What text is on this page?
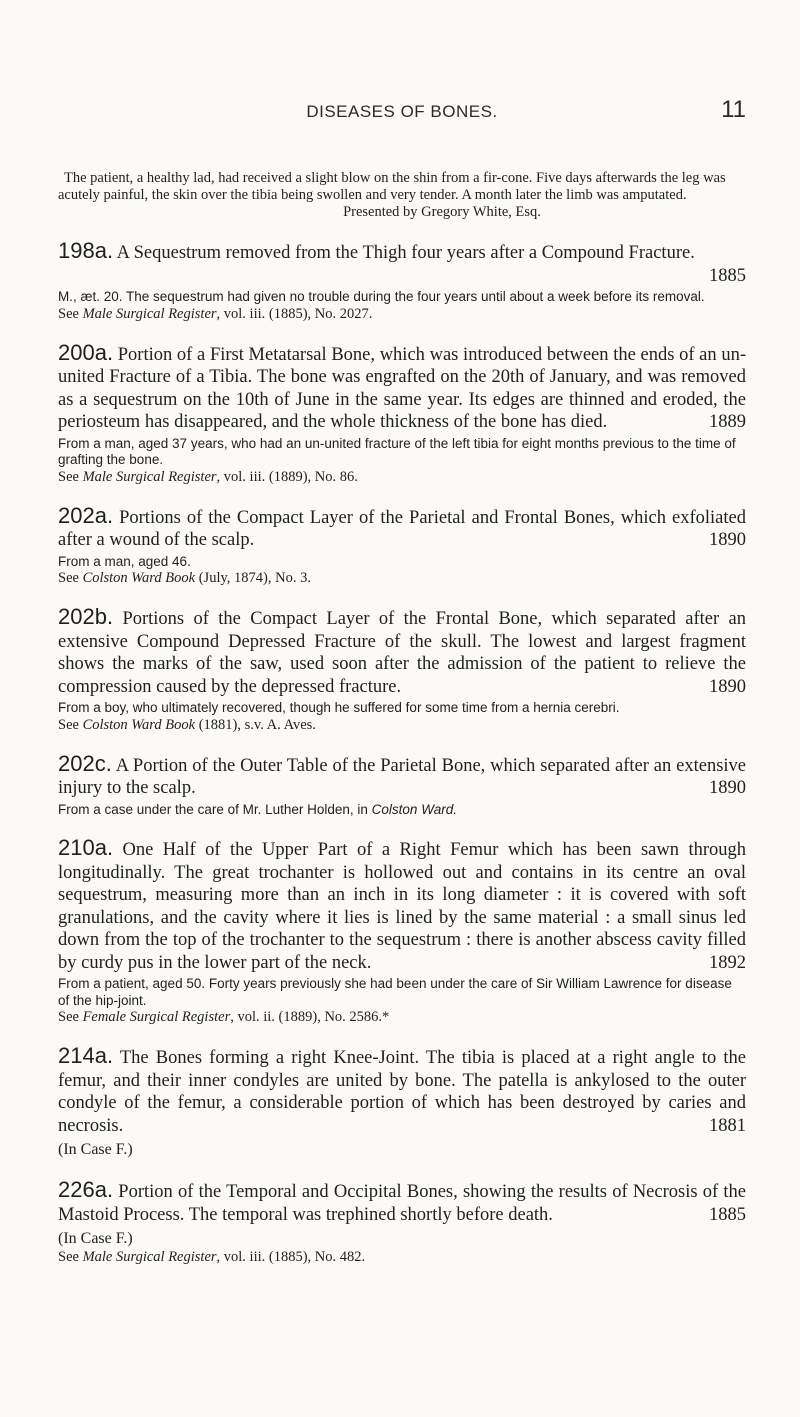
DISEASES OF BONES.	11
The patient, a healthy lad, had received a slight blow on the shin from a fir-cone. Five days afterwards the leg was acutely painful, the skin over the tibia being swollen and very tender. A month later the limb was amputated.
Presented by Gregory White, Esq.

198a. A Sequestrum removed from the Thigh four years after a Compound Fracture.

1885

M., æt. 20. The sequestrum had given no trouble during the four years until about a week before its removal.

See Male Surgical Register, vol. iii. (1885), No. 2027.

200a. Portion of a First Metatarsal Bone, which was introduced between the ends of an un-united Fracture of a Tibia. The bone was engrafted on the 20th of January, and was removed as a sequestrum on the 10th of June in the same year. Its edges are thinned and eroded, the periosteum has disappeared, and the whole thickness of the bone has died.	1889

From a man, aged 37 years, who had an un-united fracture of the left tibia for eight months previous to the time of grafting the bone.

See Male Surgical Register, vol. iii. (1889), No. 86.

202a. Portions of the Compact Layer of the Parietal and Frontal Bones, which exfoliated after a wound of the scalp.	1890

From a man, aged 46.

See Colston Ward Book (July, 1874), No. 3.

202b. Portions of the Compact Layer of the Frontal Bone, which separated after an extensive Compound Depressed Fracture of the skull. The lowest and largest fragment shows the marks of the saw, used soon after the admission of the patient to relieve the compression caused by the depressed fracture.	1890

From a boy, who ultimately recovered, though he suffered for some time from a hernia cerebri.

See Colston Ward Book (1881), s.v. A. Aves.

202c. A Portion of the Outer Table of the Parietal Bone, which separated after an extensive injury to the scalp.	1890

From a case under the care of Mr. Luther Holden, in Colston Ward.

210a. One Half of the Upper Part of a Right Femur which has been sawn through longitudinally. The great trochanter is hollowed out and contains in its centre an oval sequestrum, measuring more than an inch in its long diameter : it is covered with soft granulations, and the cavity where it lies is lined by the same material : a small sinus led down from the top of the trochanter to the sequestrum : there is another abscess cavity filled by curdy pus in the lower part of the neck.	1892

From a patient, aged 50. Forty years previously she had been under the care of Sir William Lawrence for disease of the hip-joint.

See Female Surgical Register, vol. ii. (1889), No. 2586.*

214a. The Bones forming a right Knee-Joint. The tibia is placed at a right angle to the femur, and their inner condyles are united by bone. The patella is ankylosed to the outer condyle of the femur, a considerable portion of which has been destroyed by caries and necrosis.	1881

(In Case F.)

226a. Portion of the Temporal and Occipital Bones, showing the results of Necrosis of the Mastoid Process. The temporal was trephined shortly before death.	1885

(In Case F.)

See Male Surgical Register, vol. iii. (1885), No. 482.
